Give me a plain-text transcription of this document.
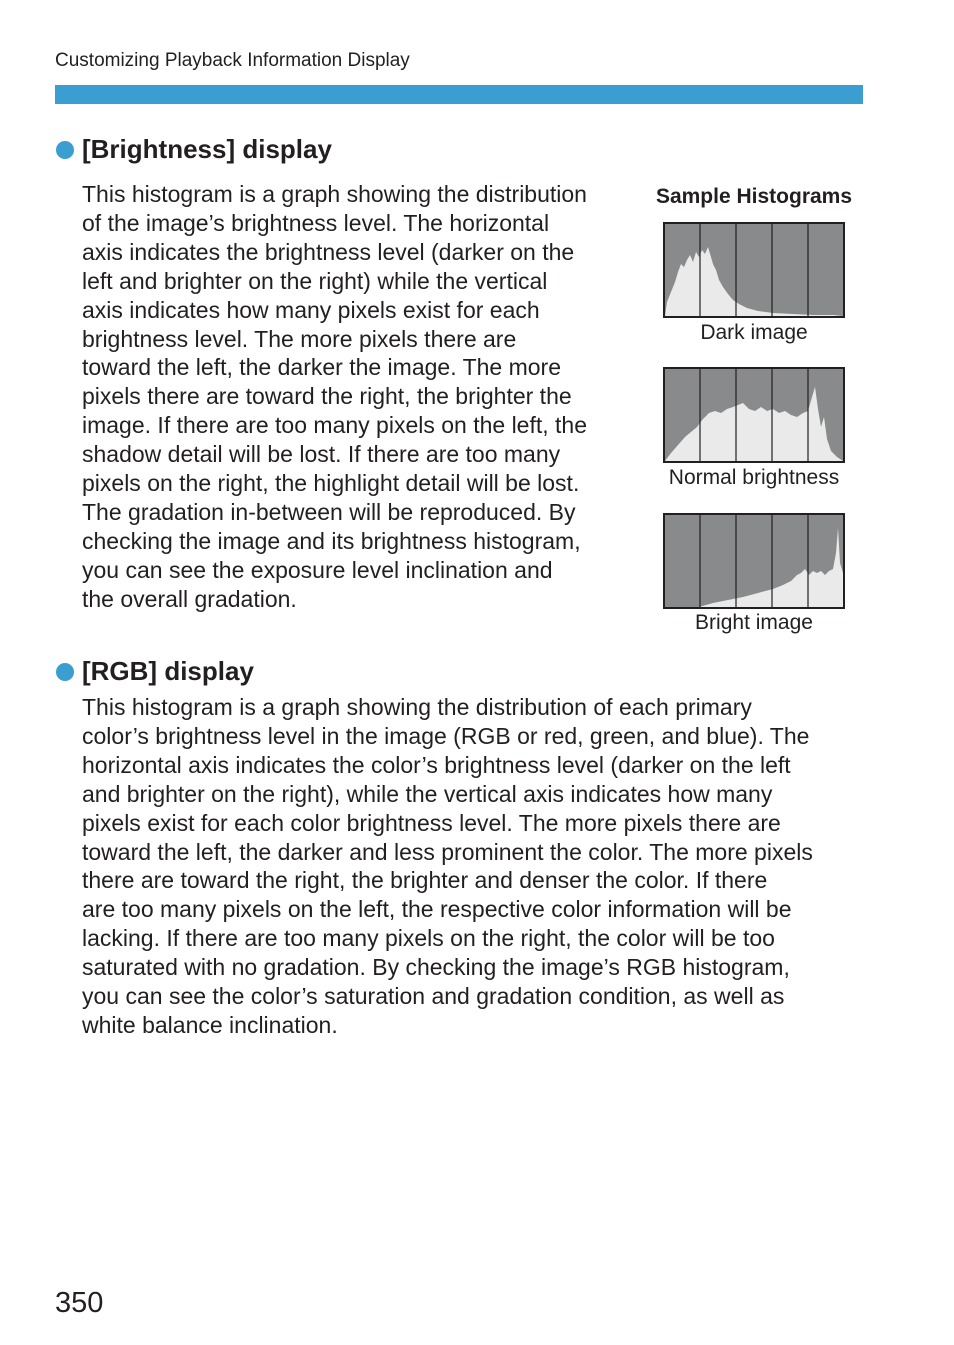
Customizing Playback Information Display
[Brightness] display
This histogram is a graph showing the distribution
of the image’s brightness level. The horizontal
axis indicates the brightness level (darker on the
left and brighter on the right) while the vertical
axis indicates how many pixels exist for each
brightness level. The more pixels there are
toward the left, the darker the image. The more
pixels there are toward the right, the brighter the
image. If there are too many pixels on the left, the
shadow detail will be lost. If there are too many
pixels on the right, the highlight detail will be lost.
The gradation in-between will be reproduced. By
checking the image and its brightness histogram,
you can see the exposure level inclination and
the overall gradation.
Sample Histograms
Dark image
Normal brightness
Bright image
[RGB] display
This histogram is a graph showing the distribution of each primary
color’s brightness level in the image (RGB or red, green, and blue). The
horizontal axis indicates the color’s brightness level (darker on the left
and brighter on the right), while the vertical axis indicates how many
pixels exist for each color brightness level. The more pixels there are
toward the left, the darker and less prominent the color. The more pixels
there are toward the right, the brighter and denser the color. If there
are too many pixels on the left, the respective color information will be
lacking. If there are too many pixels on the right, the color will be too
saturated with no gradation. By checking the image’s RGB histogram,
you can see the color’s saturation and gradation condition, as well as
white balance inclination.
350
